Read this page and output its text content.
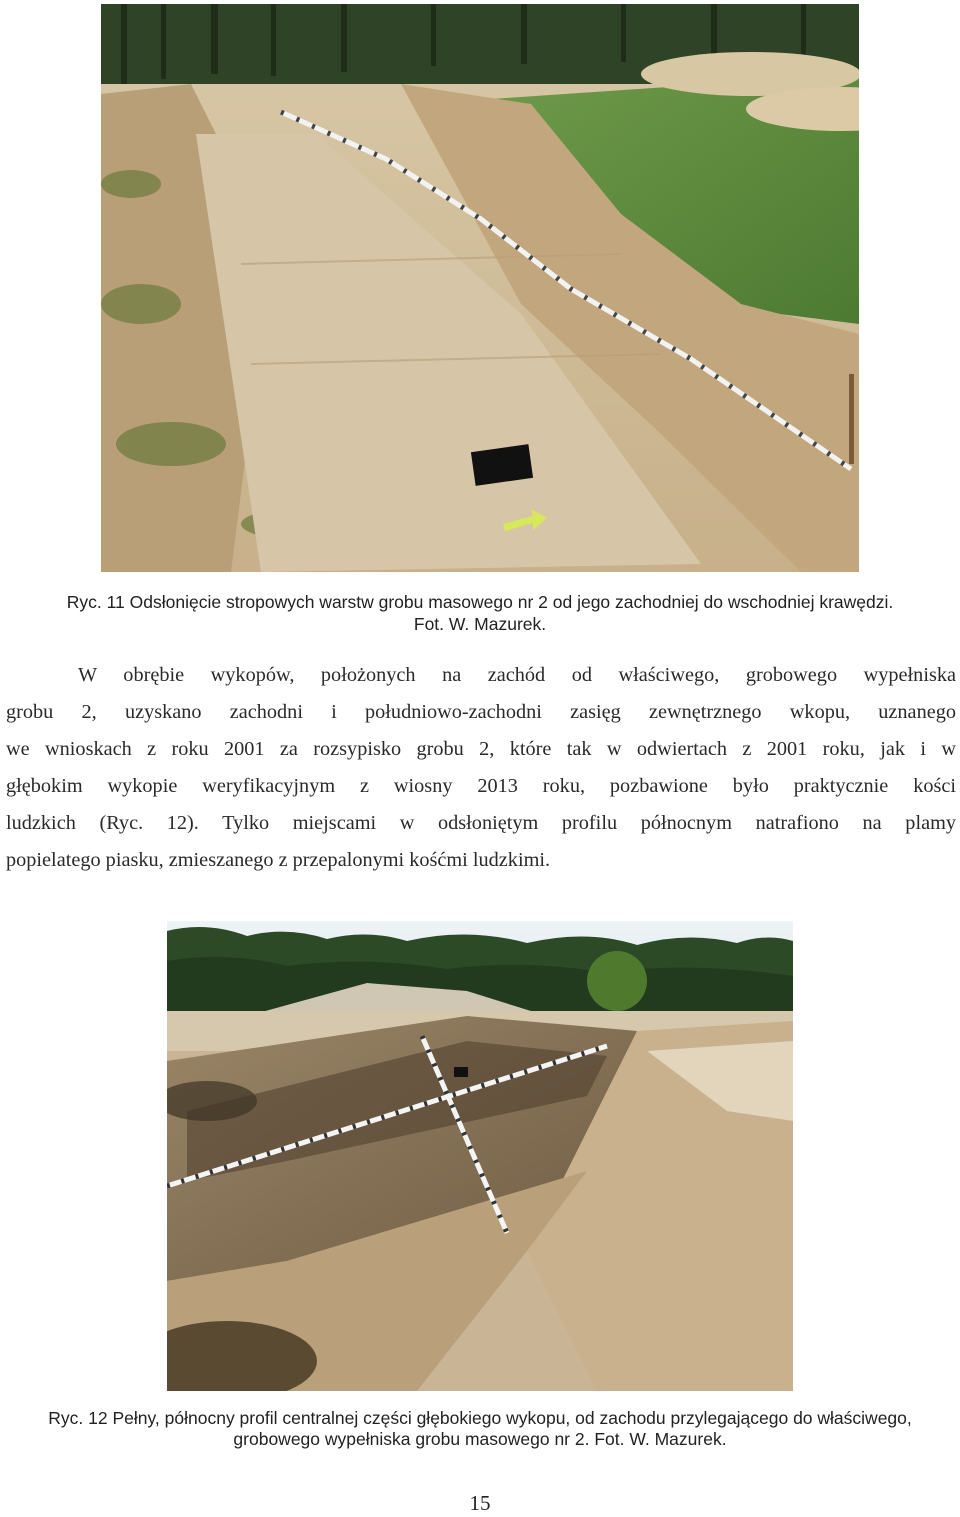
Ryc. 11 Odsłonięcie stropowych warstw grobu masowego nr 2 od jego zachodniej do wschodniej krawędzi.
Fot. W. Mazurek.
W obrębie wykopów, położonych na zachód od właściwego, grobowego wypełniska
grobu 2, uzyskano zachodni i południowo-zachodni zasięg zewnętrznego wkopu, uznanego
we wnioskach z roku 2001 za rozsypisko grobu 2, które tak w odwiertach z 2001 roku, jak i w
głębokim wykopie weryfikacyjnym z wiosny 2013 roku, pozbawione było praktycznie kości
ludzkich (Ryc. 12). Tylko miejscami w odsłoniętym profilu północnym natrafiono na plamy
popielatego piasku, zmieszanego z przepalonymi kośćmi ludzkimi.
Ryc. 12 Pełny, północny profil centralnej części głębokiego wykopu, od zachodu przylegającego do właściwego,
grobowego wypełniska grobu masowego nr 2. Fot. W. Mazurek.
15
